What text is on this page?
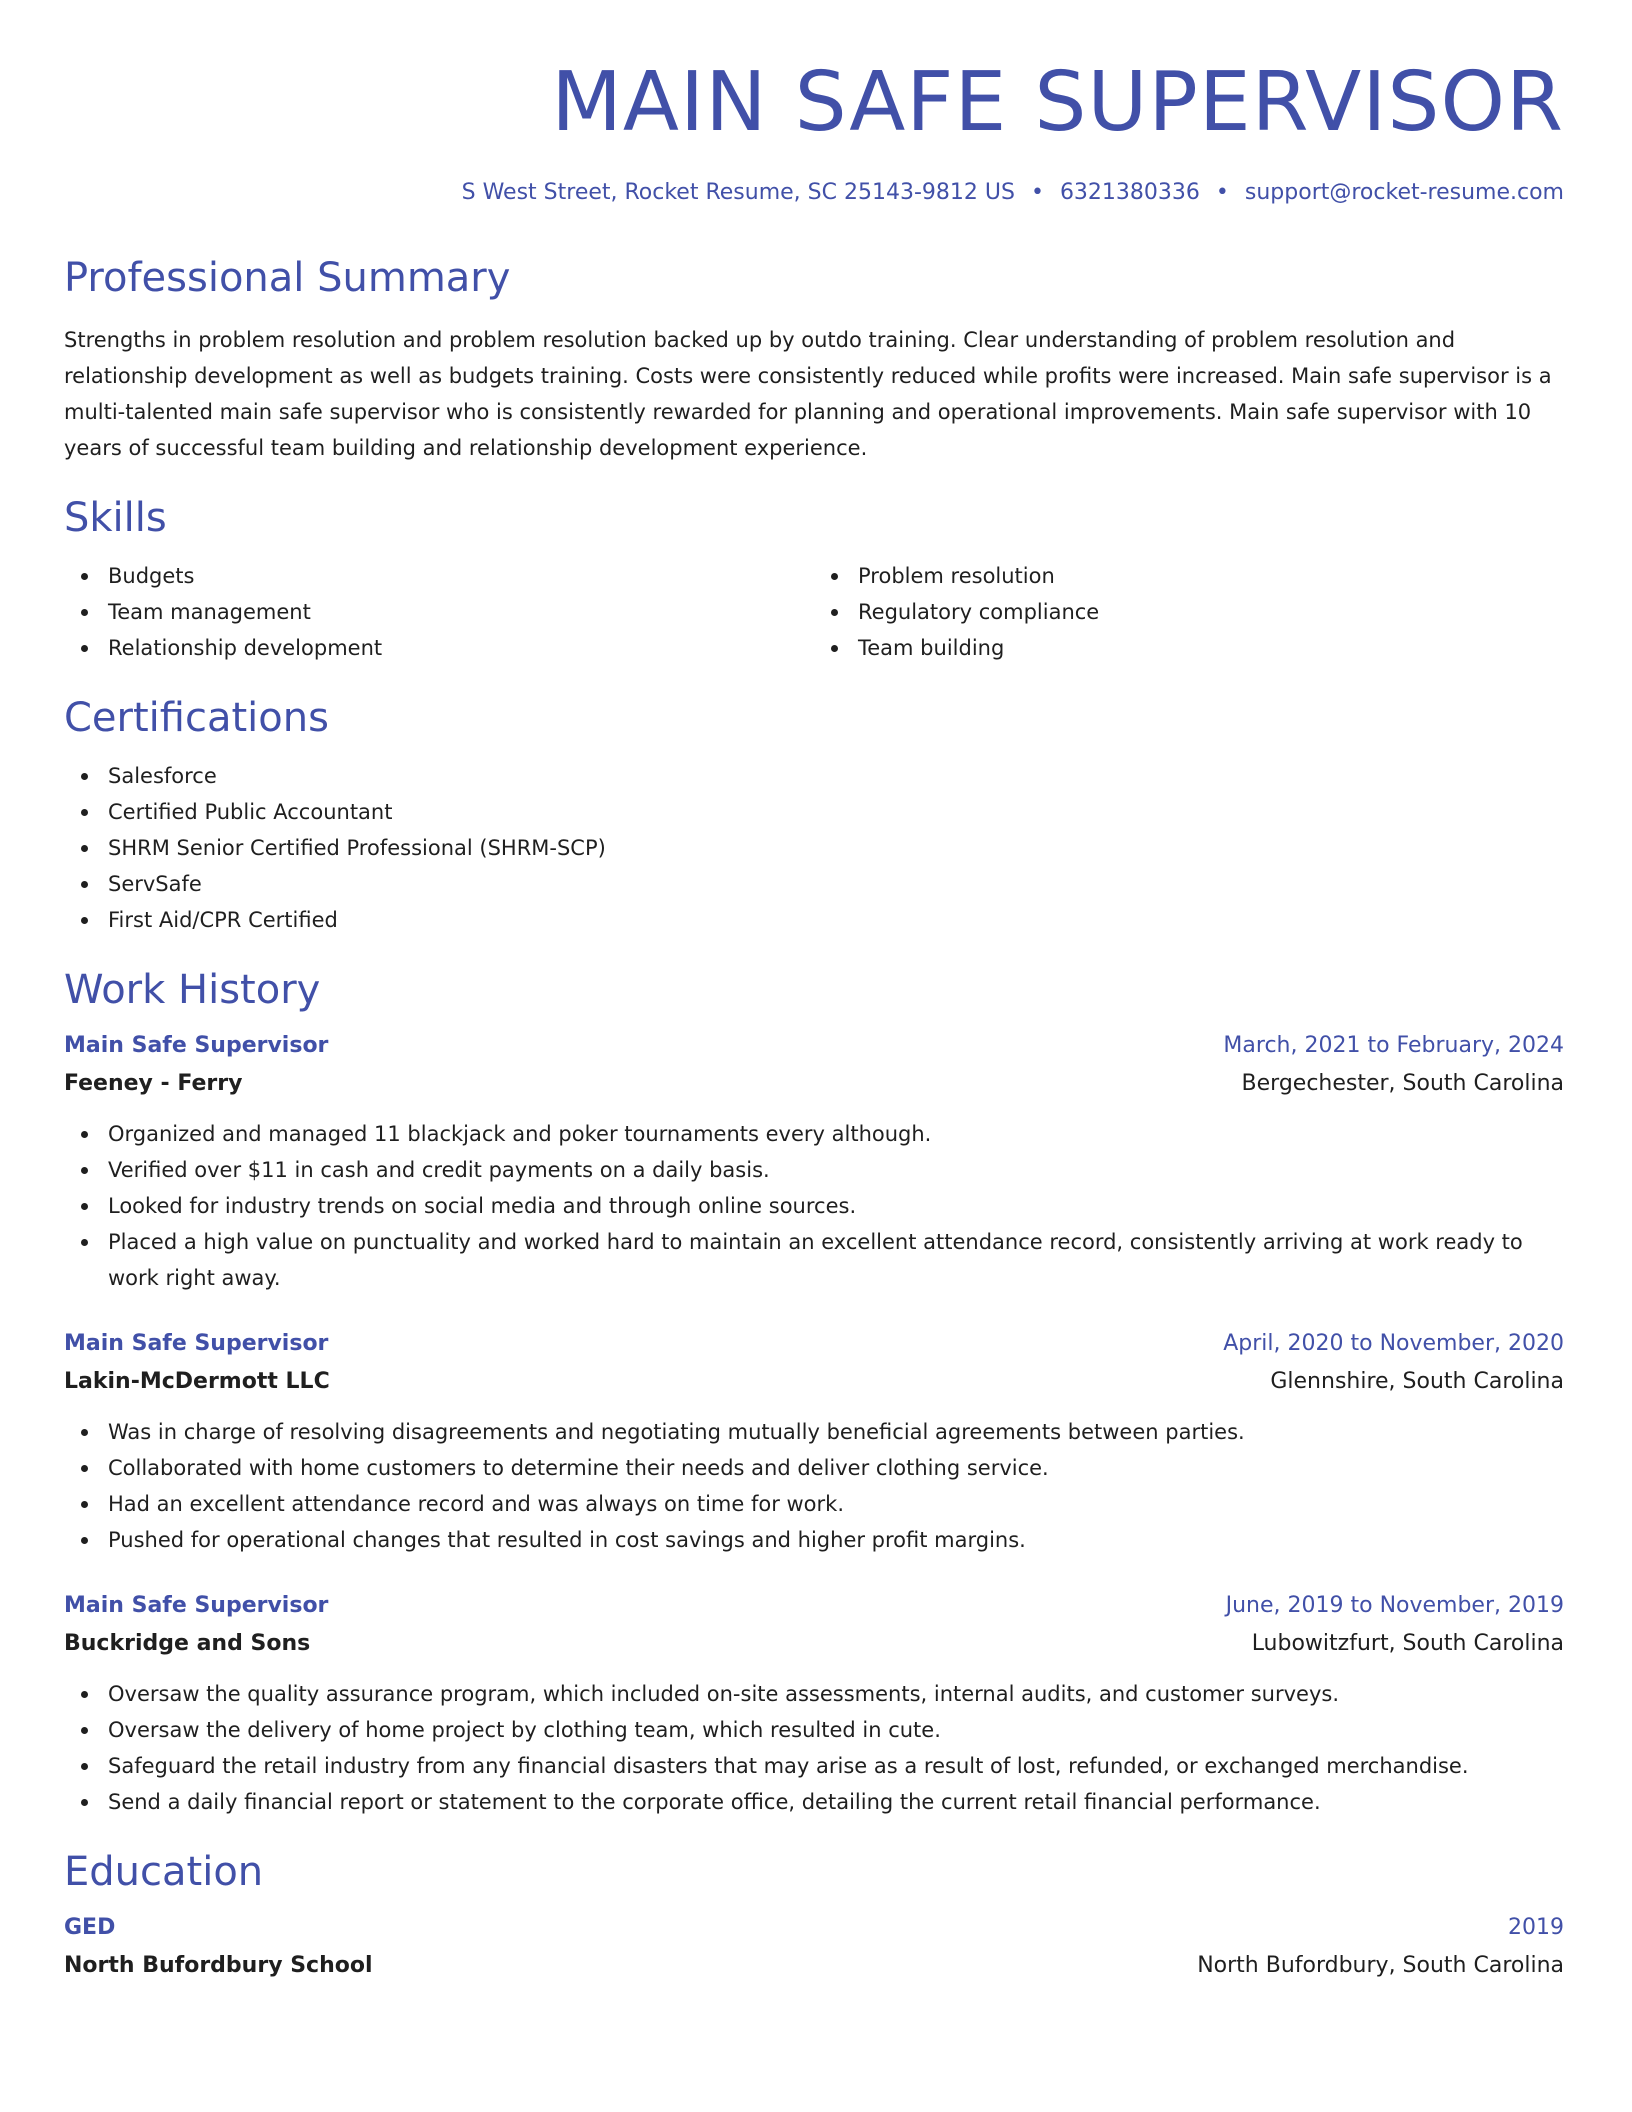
MAIN SAFE SUPERVISOR
S West Street, Rocket Resume, SC 25143-9812 US • 6321380336 • support@rocket-resume.com
Professional Summary

Strengths in problem resolution and problem resolution backed up by outdo training. Clear understanding of problem resolution and relationship development as well as budgets training. Costs were consistently reduced while profits were increased. Main safe supervisor is a multi-talented main safe supervisor who is consistently rewarded for planning and operational improvements. Main safe supervisor with 10 years of successful team building and relationship development experience.

Skills
Budgets
Team management
Relationship development
Problem resolution
Regulatory compliance
Team building
Certifications
Salesforce
Certified Public Accountant
SHRM Senior Certified Professional (SHRM-SCP)
ServSafe
First Aid/CPR Certified
Work History
Main Safe Supervisor	March, 2021 to February, 2024
Feeney - Ferry	Bergechester, South Carolina
Organized and managed 11 blackjack and poker tournaments every although.
Verified over $11 in cash and credit payments on a daily basis.
Looked for industry trends on social media and through online sources.
Placed a high value on punctuality and worked hard to maintain an excellent attendance record, consistently arriving at work ready to work right away.
Main Safe Supervisor	April, 2020 to November, 2020
Lakin-McDermott LLC	Glennshire, South Carolina
Was in charge of resolving disagreements and negotiating mutually beneficial agreements between parties.
Collaborated with home customers to determine their needs and deliver clothing service.
Had an excellent attendance record and was always on time for work.
Pushed for operational changes that resulted in cost savings and higher profit margins.
Main Safe Supervisor	June, 2019 to November, 2019
Buckridge and Sons	Lubowitzfurt, South Carolina
Oversaw the quality assurance program, which included on-site assessments, internal audits, and customer surveys.
Oversaw the delivery of home project by clothing team, which resulted in cute.
Safeguard the retail industry from any financial disasters that may arise as a result of lost, refunded, or exchanged merchandise.
Send a daily financial report or statement to the corporate office, detailing the current retail financial performance.
Education
GED	2019
North Bufordbury School	North Bufordbury, South Carolina
